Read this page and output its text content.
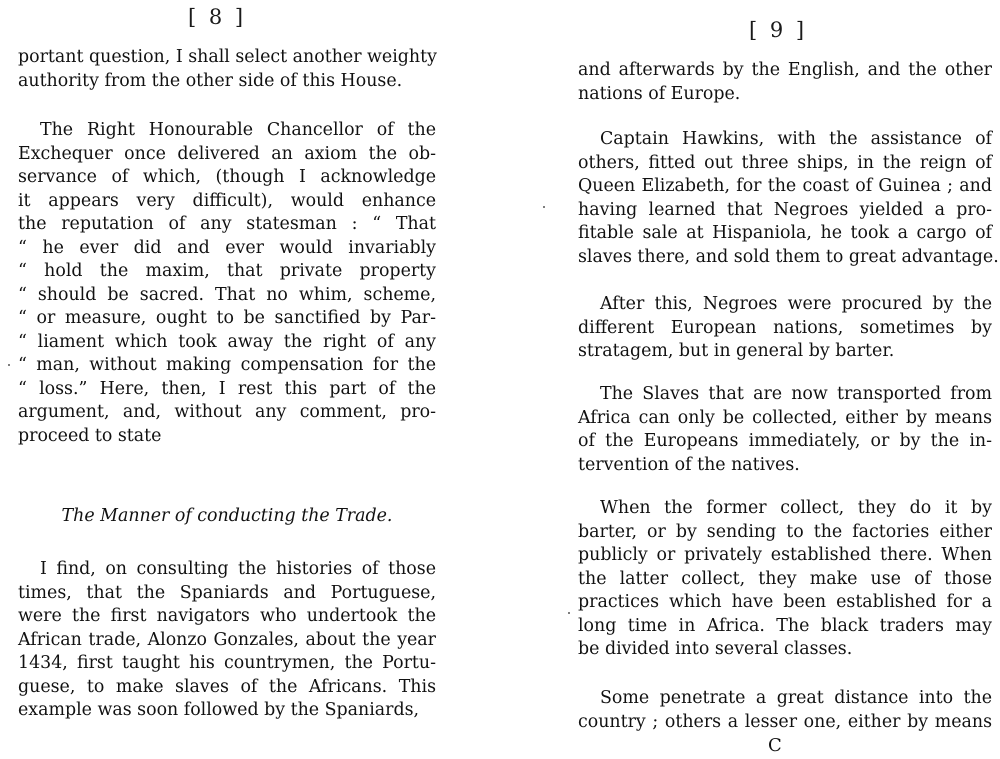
[ 8 ]
portant question, I shall select another weighty
authority from the other side of this House.
The Right Honourable Chancellor of the
Exchequer once delivered an axiom the ob-
servance of which, (though I acknowledge
it appears very difficult), would enhance
the reputation of any statesman : “ That
“ he ever did and ever would invariably
“ hold the maxim, that private property
“ should be sacred. That no whim, scheme,
“ or measure, ought to be sanctified by Par-
“ liament which took away the right of any
“ man, without making compensation for the
“ loss.” Here, then, I rest this part of the
argument, and, without any comment, pro-
proceed to state
The Manner of conducting the Trade.
I find, on consulting the histories of those
times, that the Spaniards and Portuguese,
were the first navigators who undertook the
African trade, Alonzo Gonzales, about the year
1434, first taught his countrymen, the Portu-
guese, to make slaves of the Africans. This
example was soon followed by the Spaniards,
[ 9 ]
and afterwards by the English, and the other
nations of Europe.
Captain Hawkins, with the assistance of
others, fitted out three ships, in the reign of
Queen Elizabeth, for the coast of Guinea ; and
having learned that Negroes yielded a pro-
fitable sale at Hispaniola, he took a cargo of
slaves there, and sold them to great advantage.
After this, Negroes were procured by the
different European nations, sometimes by
stratagem, but in general by barter.
The Slaves that are now transported from
Africa can only be collected, either by means
of the Europeans immediately, or by the in-
tervention of the natives.
When the former collect, they do it by
barter, or by sending to the factories either
publicly or privately established there. When
the latter collect, they make use of those
practices which have been established for a
long time in Africa. The black traders may
be divided into several classes.
Some penetrate a great distance into the
country ; others a lesser one, either by means
C
